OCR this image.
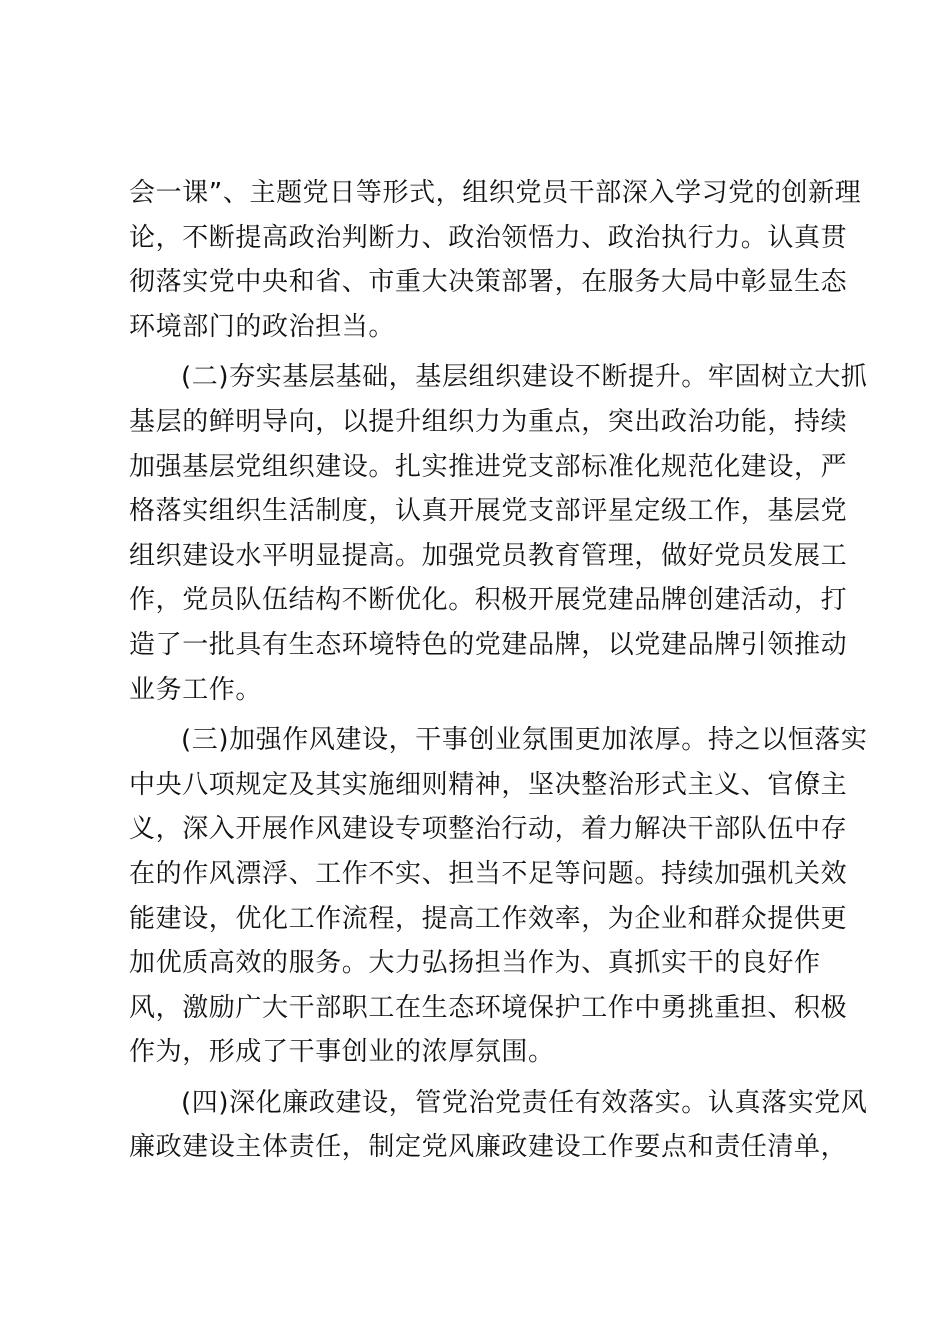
会一课”、主题党日等形式，组织党员干部深入学习党的创新理
论，不断提高政治判断力、政治领悟力、政治执行力。认真贯
彻落实党中央和省、市重大决策部署，在服务大局中彰显生态
环境部门的政治担当。
(二)夯实基层基础，基层组织建设不断提升。牢固树立大抓
基层的鲜明导向，以提升组织力为重点，突出政治功能，持续
加强基层党组织建设。扎实推进党支部标准化规范化建设，严
格落实组织生活制度，认真开展党支部评星定级工作，基层党
组织建设水平明显提高。加强党员教育管理，做好党员发展工
作，党员队伍结构不断优化。积极开展党建品牌创建活动，打
造了一批具有生态环境特色的党建品牌，以党建品牌引领推动
业务工作。
(三)加强作风建设，干事创业氛围更加浓厚。持之以恒落实
中央八项规定及其实施细则精神，坚决整治形式主义、官僚主
义，深入开展作风建设专项整治行动，着力解决干部队伍中存
在的作风漂浮、工作不实、担当不足等问题。持续加强机关效
能建设，优化工作流程，提高工作效率，为企业和群众提供更
加优质高效的服务。大力弘扬担当作为、真抓实干的良好作
风，激励广大干部职工在生态环境保护工作中勇挑重担、积极
作为，形成了干事创业的浓厚氛围。
(四)深化廉政建设，管党治党责任有效落实。认真落实党风
廉政建设主体责任，制定党风廉政建设工作要点和责任清单，
